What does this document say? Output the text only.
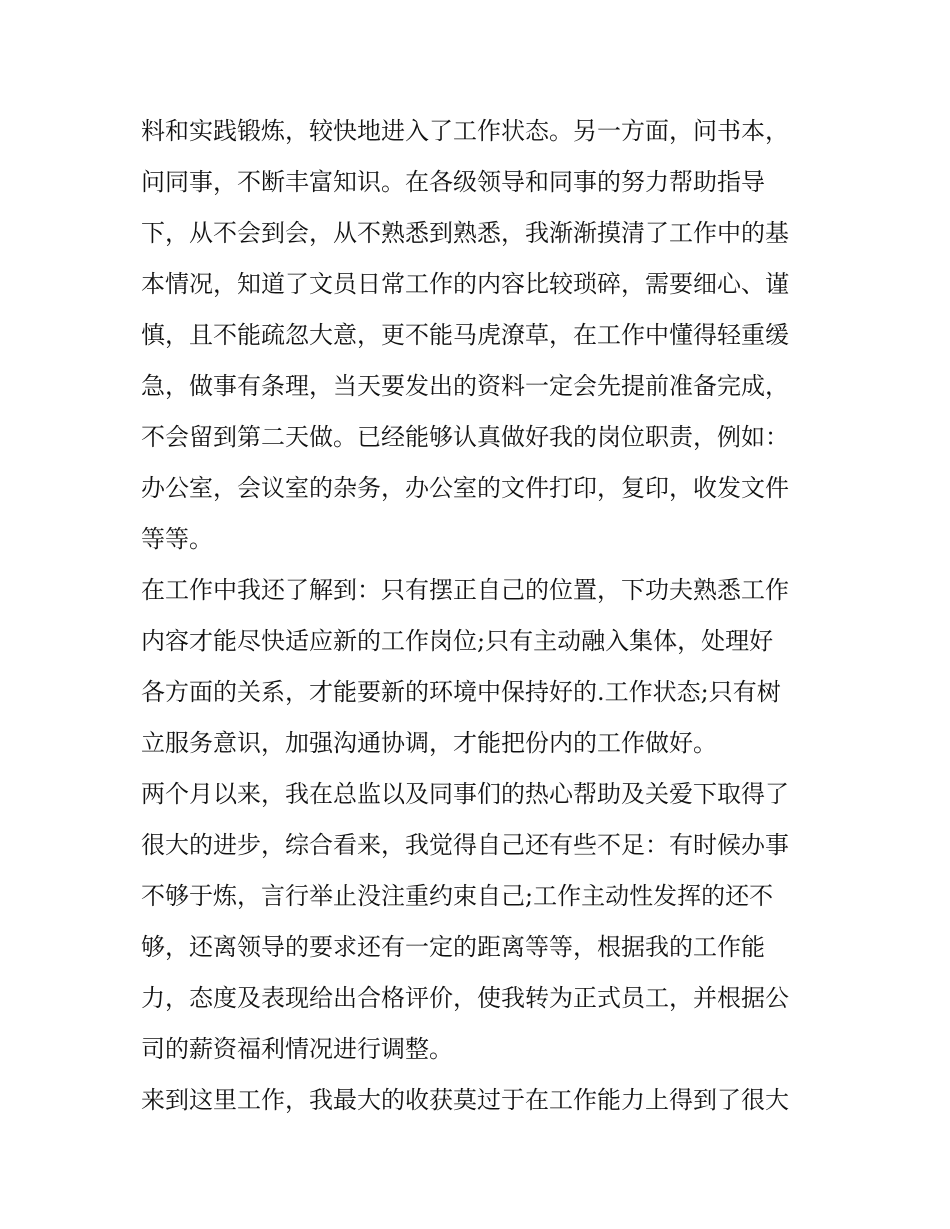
料和实践锻炼，较快地进入了工作状态。另一方面，问书本，
问同事，不断丰富知识。在各级领导和同事的努力帮助指导
下，从不会到会，从不熟悉到熟悉，我渐渐摸清了工作中的基
本情况，知道了文员日常工作的内容比较琐碎，需要细心、谨
慎，且不能疏忽大意，更不能马虎潦草，在工作中懂得轻重缓
急，做事有条理，当天要发出的资料一定会先提前准备完成，
不会留到第二天做。已经能够认真做好我的岗位职责，例如：
办公室，会议室的杂务，办公室的文件打印，复印，收发文件
等等。
在工作中我还了解到：只有摆正自己的位置，下功夫熟悉工作
内容才能尽快适应新的工作岗位;只有主动融入集体，处理好
各方面的关系，才能要新的环境中保持好的.工作状态;只有树
立服务意识，加强沟通协调，才能把份内的工作做好。
两个月以来，我在总监以及同事们的热心帮助及关爱下取得了
很大的进步，综合看来，我觉得自己还有些不足：有时候办事
不够于炼，言行举止没注重约束自己;工作主动性发挥的还不
够，还离领导的要求还有一定的距离等等，根据我的工作能
力，态度及表现给出合格评价，使我转为正式员工，并根据公
司的薪资福利情况进行调整。
来到这里工作，我最大的收获莫过于在工作能力上得到了很大
